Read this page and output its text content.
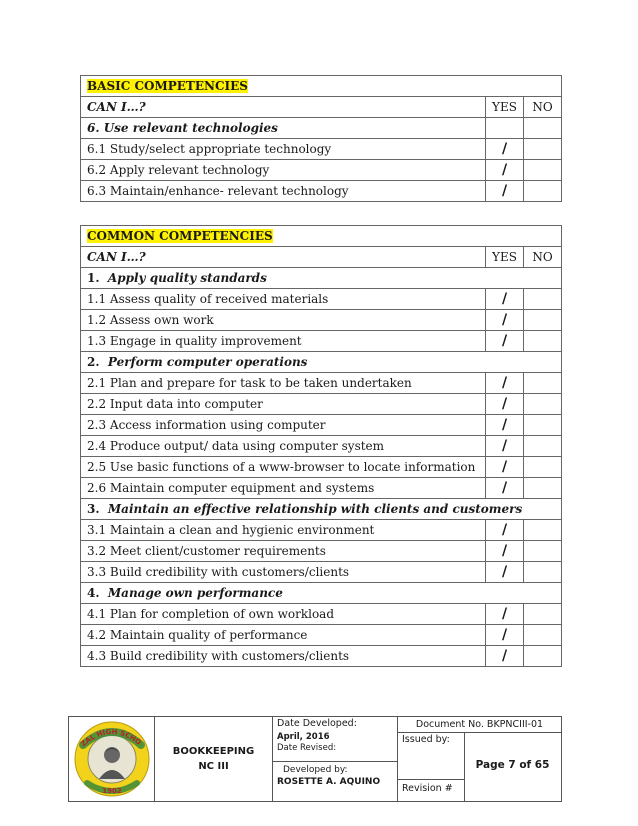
BASIC COMPETENCIES		
CAN I…?	YES	NO
6. Use relevant technologies		
6.1 Study/select appropriate technology	/	
6.2 Apply relevant technology	/	
6.3 Maintain/enhance- relevant technology	/	
COMMON COMPETENCIES		
CAN I…?	YES	NO
1. Apply quality standards		
1.1 Assess quality of received materials	/	
1.2 Assess own work	/	
1.3 Engage in quality improvement	/	
2. Perform computer operations		
2.1 Plan and prepare for task to be taken undertaken	/	
2.2 Input data into computer	/	
2.3 Access information using computer	/	
2.4 Produce output/ data using computer system	/	
2.5 Use basic functions of a www-browser to locate information	/	
2.6 Maintain computer equipment and systems	/	
3. Maintain an effective relationship with clients and customers		
3.1 Maintain a clean and hygienic environment	/	
3.2 Meet client/customer requirements	/	
3.3 Build credibility with customers/clients	/	
4. Manage own performance		
4.1 Plan for completion of own workload	/	
4.2 Maintain quality of performance	/	
4.3 Build credibility with customers/clients	/	
ZAL HIGH SCHO
1902
BOOKKEEPING
NC III
Date Developed:
April, 2016
Date Revised:
Developed by:
ROSETTE A. AQUINO
Document No. BKPNCIII-01
Issued by:
Page 7 of 65
Revision #
